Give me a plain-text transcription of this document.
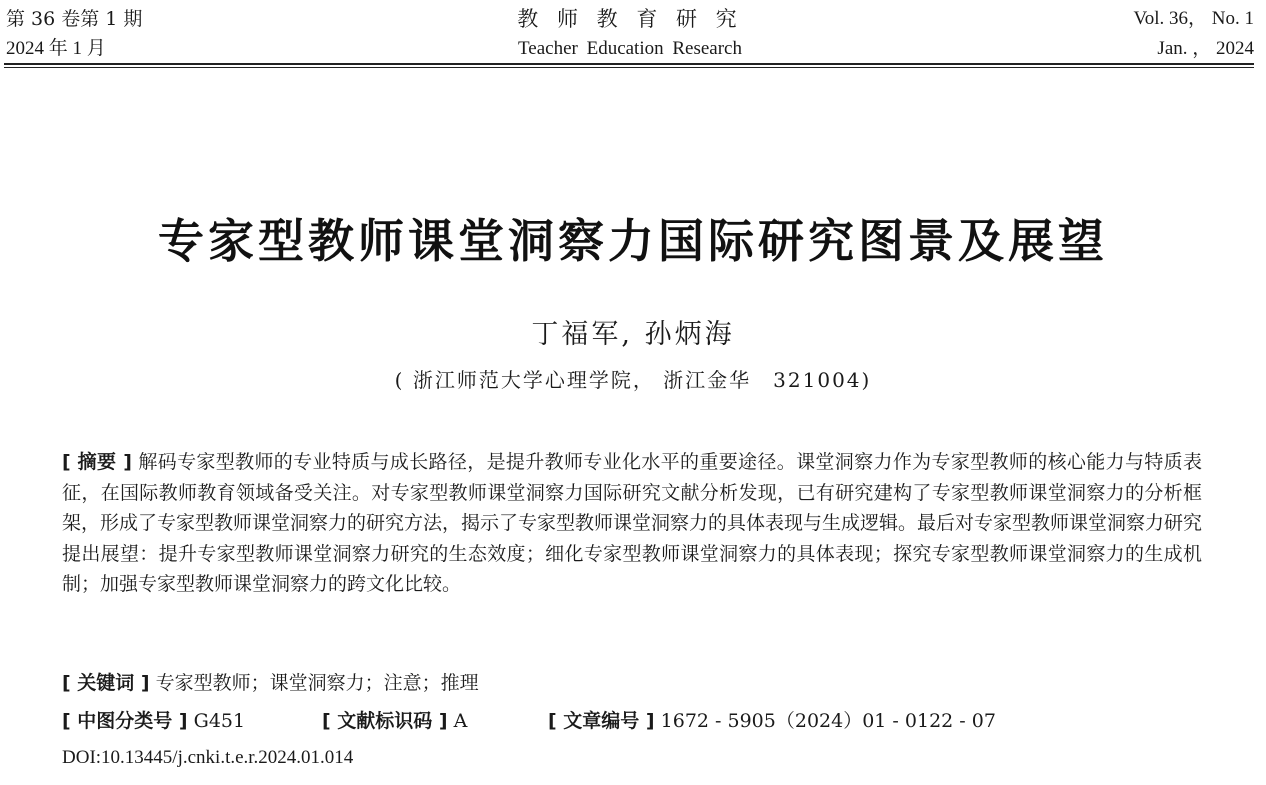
第 36 卷第 1 期
2024 年 1 月
教 师 教 育 研 究
Teacher Education Research
Vol. 36， No. 1
Jan. ， 2024
专家型教师课堂洞察力国际研究图景及展望
丁福军, 孙炳海
( 浙江师范大学心理学院， 浙江金华　321004)
[ 摘要 ] 解码专家型教师的专业特质与成长路径，是提升教师专业化水平的重要途径。课堂洞察力作为专家型教师的核心能力与特质表征，在国际教师教育领域备受关注。对专家型教师课堂洞察力国际研究文献分析发现，已有研究建构了专家型教师课堂洞察力的分析框架，形成了专家型教师课堂洞察力的研究方法，揭示了专家型教师课堂洞察力的具体表现与生成逻辑。最后对专家型教师课堂洞察力研究提出展望：提升专家型教师课堂洞察力研究的生态效度；细化专家型教师课堂洞察力的具体表现；探究专家型教师课堂洞察力的生成机制；加强专家型教师课堂洞察力的跨文化比较。
[ 关键词 ] 专家型教师；课堂洞察力；注意；推理
[ 中图分类号 ] G451	[ 文献标识码 ] A	[ 文章编号 ] 1672 - 5905（2024）01 - 0122 - 07
DOI:10.13445/j.cnki.t.e.r.2024.01.014
